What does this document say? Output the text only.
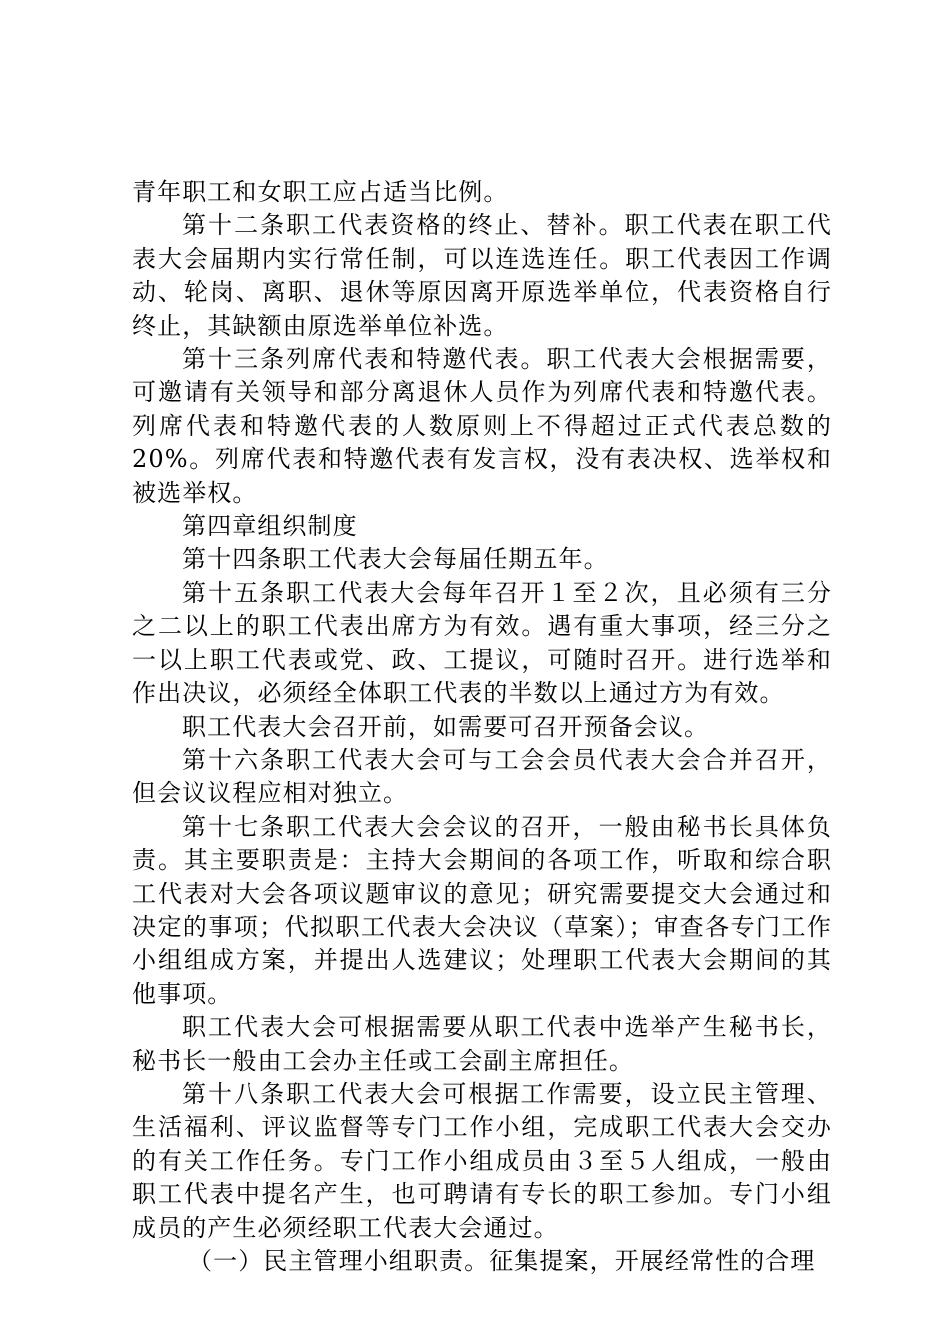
青年职工和女职工应占适当比例。

第十二条职工代表资格的终止、替补。职工代表在职工代表大会届期内实行常任制，可以连选连任。职工代表因工作调动、轮岗、离职、退休等原因离开原选举单位，代表资格自行终止，其缺额由原选举单位补选。

第十三条列席代表和特邀代表。职工代表大会根据需要，可邀请有关领导和部分离退休人员作为列席代表和特邀代表。列席代表和特邀代表的人数原则上不得超过正式代表总数的20%。列席代表和特邀代表有发言权，没有表决权、选举权和被选举权。

第四章组织制度

第十四条职工代表大会每届任期五年。

第十五条职工代表大会每年召开１至２次，且必须有三分之二以上的职工代表出席方为有效。遇有重大事项，经三分之一以上职工代表或党、政、工提议，可随时召开。进行选举和作出决议，必须经全体职工代表的半数以上通过方为有效。

职工代表大会召开前，如需要可召开预备会议。

第十六条职工代表大会可与工会会员代表大会合并召开，但会议议程应相对独立。

第十七条职工代表大会会议的召开，一般由秘书长具体负责。其主要职责是：主持大会期间的各项工作，听取和综合职工代表对大会各项议题审议的意见；研究需要提交大会通过和决定的事项；代拟职工代表大会决议（草案）；审查各专门工作小组组成方案，并提出人选建议；处理职工代表大会期间的其他事项。

职工代表大会可根据需要从职工代表中选举产生秘书长，秘书长一般由工会办主任或工会副主席担任。

第十八条职工代表大会可根据工作需要，设立民主管理、生活福利、评议监督等专门工作小组，完成职工代表大会交办的有关工作任务。专门工作小组成员由３至５人组成，一般由职工代表中提名产生，也可聘请有专长的职工参加。专门小组成员的产生必须经职工代表大会通过。

（一）民主管理小组职责。征集提案，开展经常性的合理
